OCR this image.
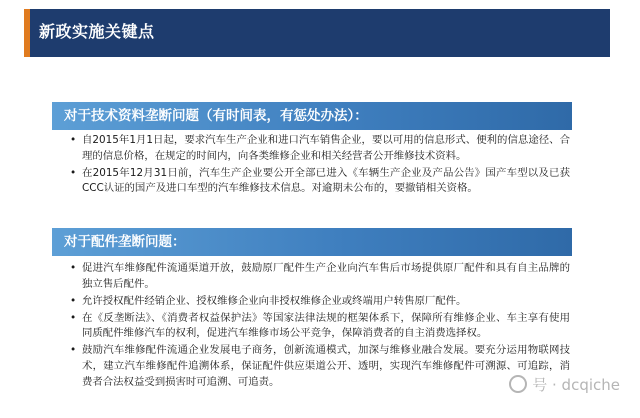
新政实施关键点
对于技术资料垄断问题（有时间表，有惩处办法）：
• 自2015年1月1日起，要求汽车生产企业和进口汽车销售企业，要以可用的信息形式、便利的信息途径、合理的信息价格，在规定的时间内，向各类维修企业和相关经营者公开维修技术资料。
• 在2015年12月31日前，汽车生产企业要公开全部已进入《车辆生产企业及产品公告》国产车型以及已获CCC认证的国产及进口车型的汽车维修技术信息。对逾期未公布的，要撤销相关资格。
对于配件垄断问题：
• 促进汽车维修配件流通渠道开放，鼓励原厂配件生产企业向汽车售后市场提供原厂配件和具有自主品牌的独立售后配件。
• 允许授权配件经销企业、授权维修企业向非授权维修企业或终端用户转售原厂配件。
• 在《反垄断法》、《消费者权益保护法》等国家法律法规的框架体系下，保障所有维修企业、车主享有使用同质配件维修汽车的权利，促进汽车维修市场公平竞争，保障消费者的自主消费选择权。
• 鼓励汽车维修配件流通企业发展电子商务，创新流通模式，加深与维修业融合发展。要充分运用物联网技术，建立汽车维修配件追溯体系，保证配件供应渠道公开、透明，实现汽车维修配件可溯源、可追踪，消费者合法权益受到损害时可追溯、可追责。	号 · dcqiche
